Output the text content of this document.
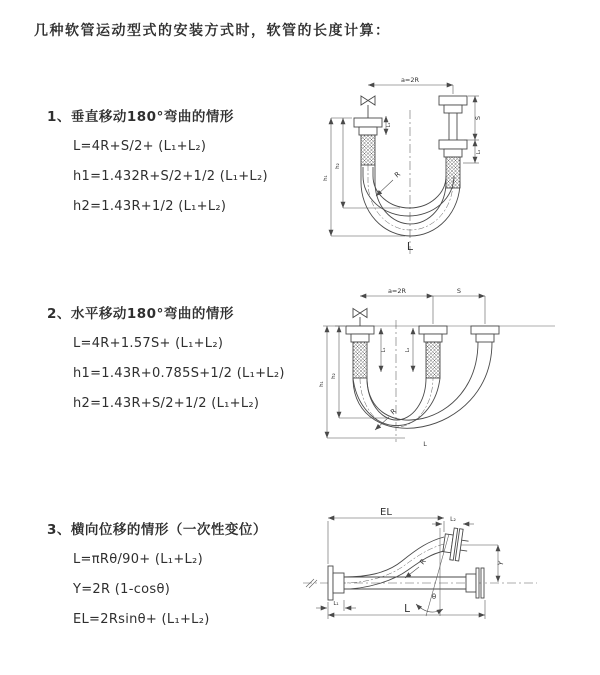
几种软管运动型式的安装方式时，软管的长度计算：
1、垂直移动180°弯曲的情形
L=4R+S/2+ (L₁+L₂)
h1=1.432R+S/2+1/2 (L₁+L₂)
h2=1.43R+1/2 (L₁+L₂)
a=2R
L₁
S
L₂
R
h₁
h₂
L
2、水平移动180°弯曲的情形
L=4R+1.57S+ (L₁+L₂)
h1=1.43R+0.785S+1/2 (L₁+L₂)
h2=1.43R+S/2+1/2 (L₁+L₂)
a=2R	S
L₁	L₂
R
h₁
h₂
L
3、横向位移的情形（一次性变位）
L=πRθ/90+ (L₁+L₂)
Y=2R (1-cosθ)
EL=2Rsinθ+ (L₁+L₂)
θ
R
EL
L₂
Y
L
L₁
